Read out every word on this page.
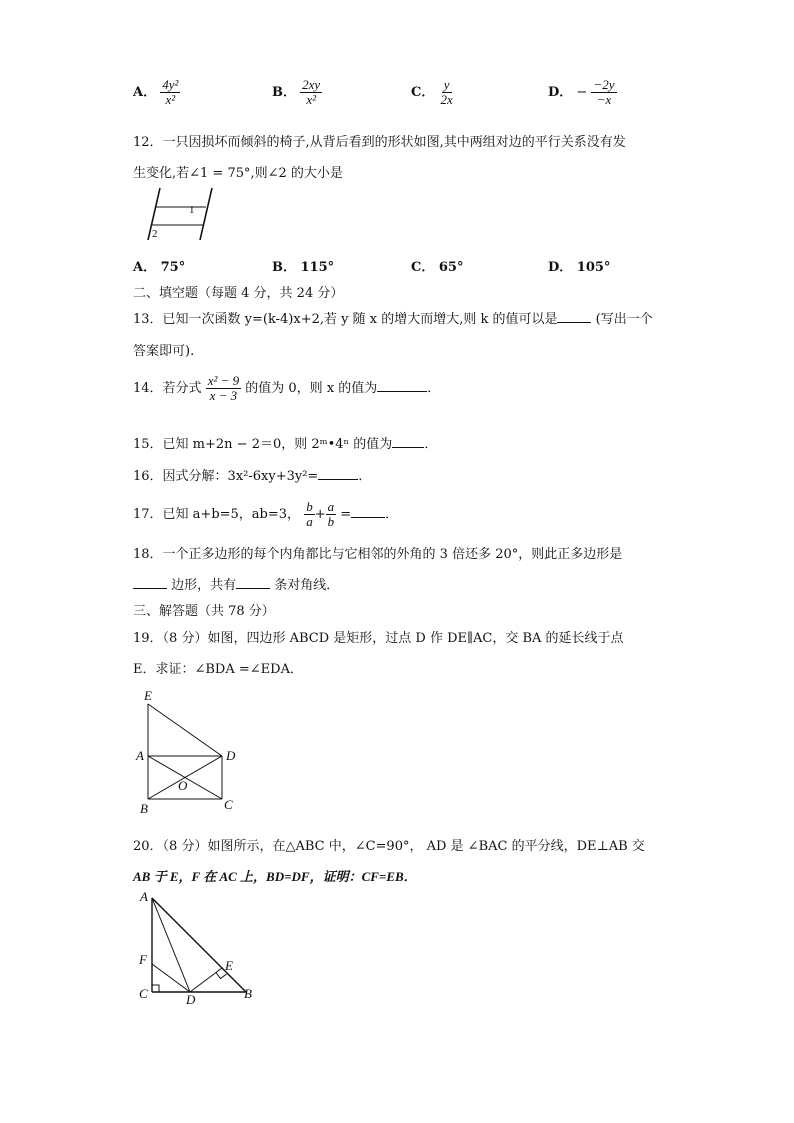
A． $\frac{\text{4y²}}{\text{x²}}$	B． $\frac{2xy}{\text{x²}}$	C． $\frac{y}{2x}$	D． − $\frac{-2y}{-x}$
12．一只因损坏而倾斜的椅子,从背后看到的形状如图,其中两组对边的平行关系没有发
生变化,若∠1 = 75°,则∠2 的大小是
1
2
A． 75°	B． 115°	C． 65°	D． 105°
二、填空题（每题 4 分，共 24 分）
13．已知一次函数 y=(k-4)x+2,若 y 随 x 的增大而增大,则 k 的值可以是	(写出一个
答案即可).
14．若分式 $\frac{\text{x² − 9}}{x - 3}$ 的值为 0，则 x 的值为	．
15．已知 m+2n − 2＝0，则 2ᵐ•4ⁿ 的值为 ．
16．因式分解：3x²-6xy+3y²=	．
17．已知 a+b=5，ab=3， $\frac{b}{a} + \frac{a}{b}$ =	．
18．一个正多边形的每个内角都比与它相邻的外角的 3 倍还多 20°，则此正多边形是
边形，共有	条对角线．
三、解答题（共 78 分）
19．（8 分）如图，四边形 ABCD 是矩形，过点 D 作 DE∥AC，交 BA 的延长线于点
E．求证：∠BDA =∠EDA．
E
A	D
O
B	C
20．（8 分）如图所示，在△ABC 中，∠C=90°， AD 是 ∠BAC 的平分线，DE⊥AB 交
AB 于 E，F 在 AC 上，BD=DF，证明：CF=EB．
A
F
C	D
E
B
